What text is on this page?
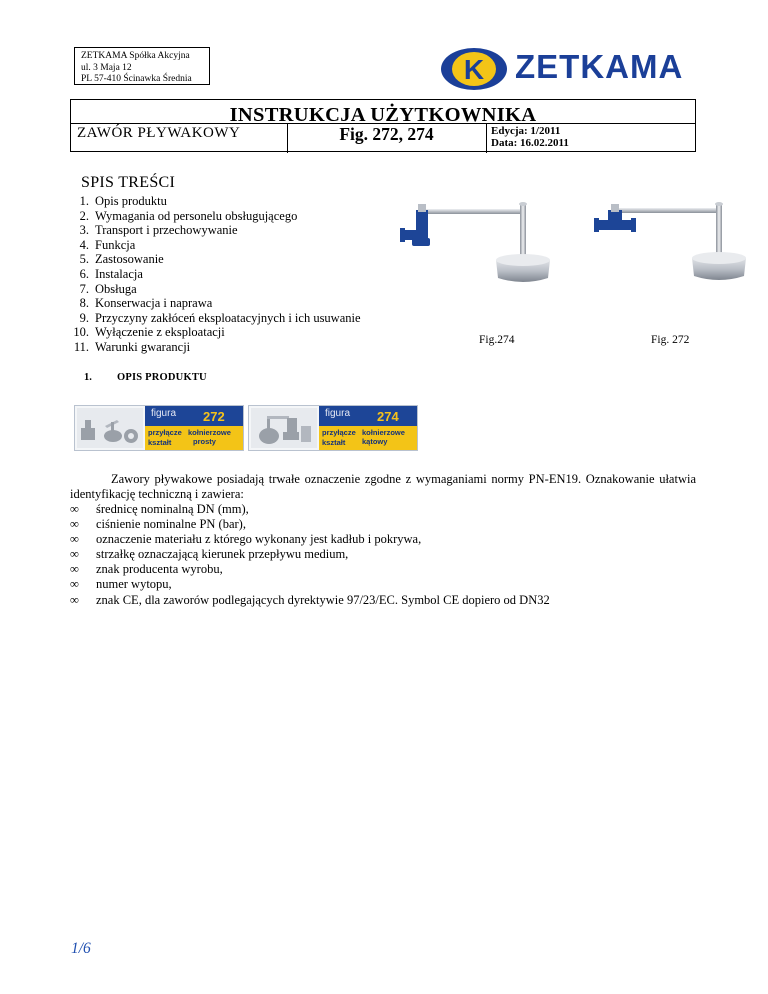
ZETKAMA Spółka Akcyjna
ul. 3 Maja 12
PL 57-410 Ścinawka Średnia	K ZETKAMA
INSTRUKCJA UŻYTKOWNIKA
ZAWÓR PŁYWAKOWY	Fig. 272, 274	Edycja: 1/2011
Data: 16.02.2011
SPIS TREŚCI
1. Opis produktu
2. Wymagania od personelu obsługującego
3. Transport i przechowywanie
4. Funkcja
5. Zastosowanie
6. Instalacja
7. Obsługa
8. Konserwacja i naprawa
9. Przyczyny zakłóceń eksploatacyjnych i ich usuwanie
10. Wyłączenie z eksploatacji
11. Warunki gwarancji	Fig.274	Fig. 272
1. OPIS PRODUKTU
figura 272
przyłącze kołnierzowe
kształt	prosty
figura 274
przyłącze kołnierzowe
kształt kątowy
Zawory pływakowe posiadają trwałe oznaczenie zgodne z wymaganiami normy PN-EN19. Oznakowanie ułatwia identyfikację techniczną i zawiera:
∞	średnicę nominalną DN (mm),
∞	ciśnienie nominalne PN (bar),
∞	oznaczenie materiału z którego wykonany jest kadłub i pokrywa,
∞	strzałkę oznaczającą kierunek przepływu medium,
∞	znak producenta wyrobu,
∞	numer wytopu,
∞	znak CE, dla zaworów podlegających dyrektywie 97/23/EC. Symbol CE dopiero od DN32
1/6
